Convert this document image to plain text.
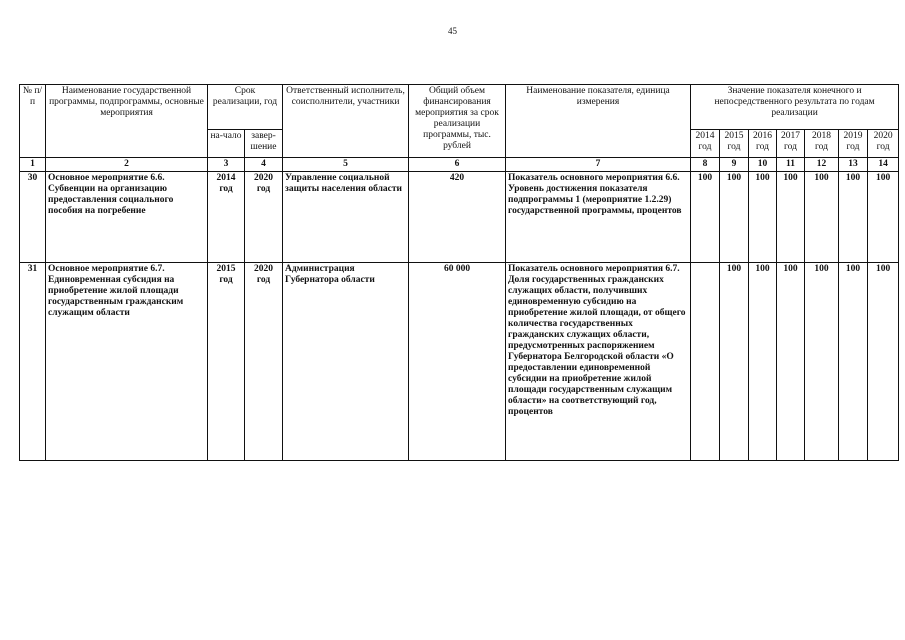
45
№ п/п	Наименование государственной программы, подпрограммы, основные мероприятия	Срок реализации, год		Ответственный исполнитель, соисполнители, участники	Общий объем финансирования мероприятия за срок реализации программы, тыс. рублей	Наименование показателя, единица измерения	Значение показателя конечного и непосредственного результата по годам реализации						
		на-чало	завер-шение				2014 год	2015 год	2016 год	2017 год	2018 год	2019 год	2020 год
1	2	3	4	5	6	7	8	9	10	11	12	13	14
30	Основное мероприятие 6.6. Субвенции на организацию предоставления социального пособия на погребение	2014 год	2020 год	Управление социальной защиты населения области	420	Показатель основного мероприятия 6.6.
Уровень достижения показателя подпрограммы 1 (мероприятие 1.2.29) государственной программы, процентов	100	100	100	100	100	100	100
31	Основное мероприятие 6.7. Единовременная субсидия на приобретение жилой площади государственным гражданским служащим области	2015 год	2020 год	Администрация Губернатора области	60 000	Показатель основного мероприятия 6.7.
Доля государственных гражданских служащих области, получивших единовременную субсидию на приобретение жилой площади, от общего количества государственных гражданских служащих области, предусмотренных распоряжением Губернатора Белгородской области «О предоставлении единовременной субсидии на приобретение жилой площади государственным служащим области» на соответствующий год, процентов		100	100	100	100	100	100
